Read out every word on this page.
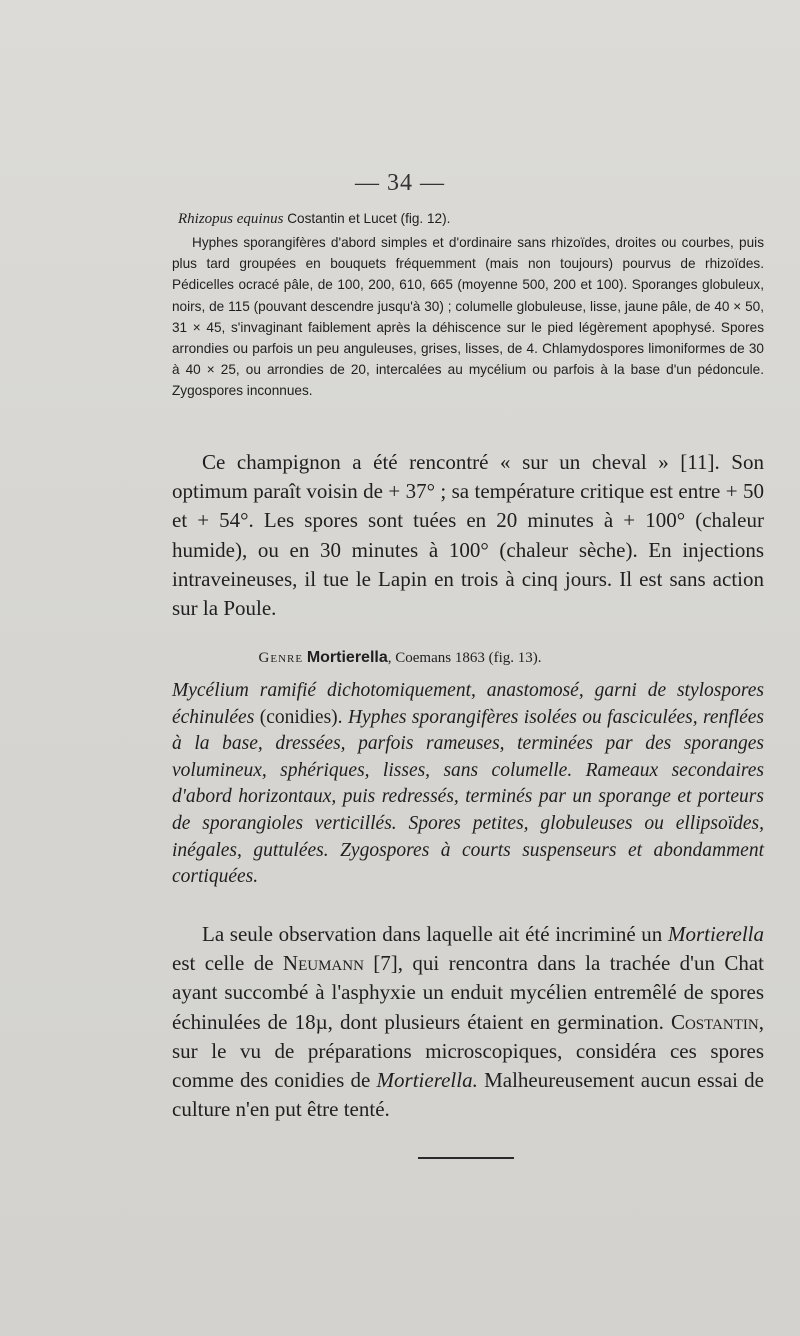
— 34 —
Rhizopus equinus Costantin et Lucet (fig. 12).

Hyphes sporangifères d'abord simples et d'ordinaire sans rhizoïdes, droites ou courbes, puis plus tard groupées en bouquets fréquemment (mais non toujours) pourvus de rhizoïdes. Pédicelles ocracé pâle, de 100, 200, 610, 665 (moyenne 500, 200 et 100). Sporanges globuleux, noirs, de 115 (pouvant descendre jusqu'à 30) ; columelle globuleuse, lisse, jaune pâle, de 40 × 50, 31 × 45, s'invaginant faiblement après la déhiscence sur le pied légèrement apophysé. Spores arrondies ou parfois un peu anguleuses, grises, lisses, de 4. Chlamydospores limoniformes de 30 à 40 × 25, ou arrondies de 20, intercalées au mycélium ou parfois à la base d'un pédoncule. Zygospores inconnues.

Ce champignon a été rencontré « sur un cheval » [11]. Son optimum paraît voisin de + 37° ; sa température critique est entre + 50 et + 54°. Les spores sont tuées en 20 minutes à + 100° (chaleur humide), ou en 30 minutes à 100° (chaleur sèche). En injections intraveineuses, il tue le Lapin en trois à cinq jours. Il est sans action sur la Poule.

Genre Mortierella, Coemans 1863 (fig. 13).

Mycélium ramifié dichotomiquement, anastomosé, garni de stylospores échinulées (conidies). Hyphes sporangifères isolées ou fasciculées, renflées à la base, dressées, parfois rameuses, terminées par des sporanges volumineux, sphériques, lisses, sans columelle. Rameaux secondaires d'abord horizontaux, puis redressés, terminés par un sporange et porteurs de sporangioles verticillés. Spores petites, globuleuses ou ellipsoïdes, inégales, guttulées. Zygospores à courts suspenseurs et abondamment cortiquées.

La seule observation dans laquelle ait été incriminé un Mortierella est celle de Neumann [7], qui rencontra dans la trachée d'un Chat ayant succombé à l'asphyxie un enduit mycélien entremêlé de spores échinulées de 18µ, dont plusieurs étaient en germination. Costantin, sur le vu de préparations microscopiques, considéra ces spores comme des conidies de Mortierella. Malheureusement aucun essai de culture n'en put être tenté.
